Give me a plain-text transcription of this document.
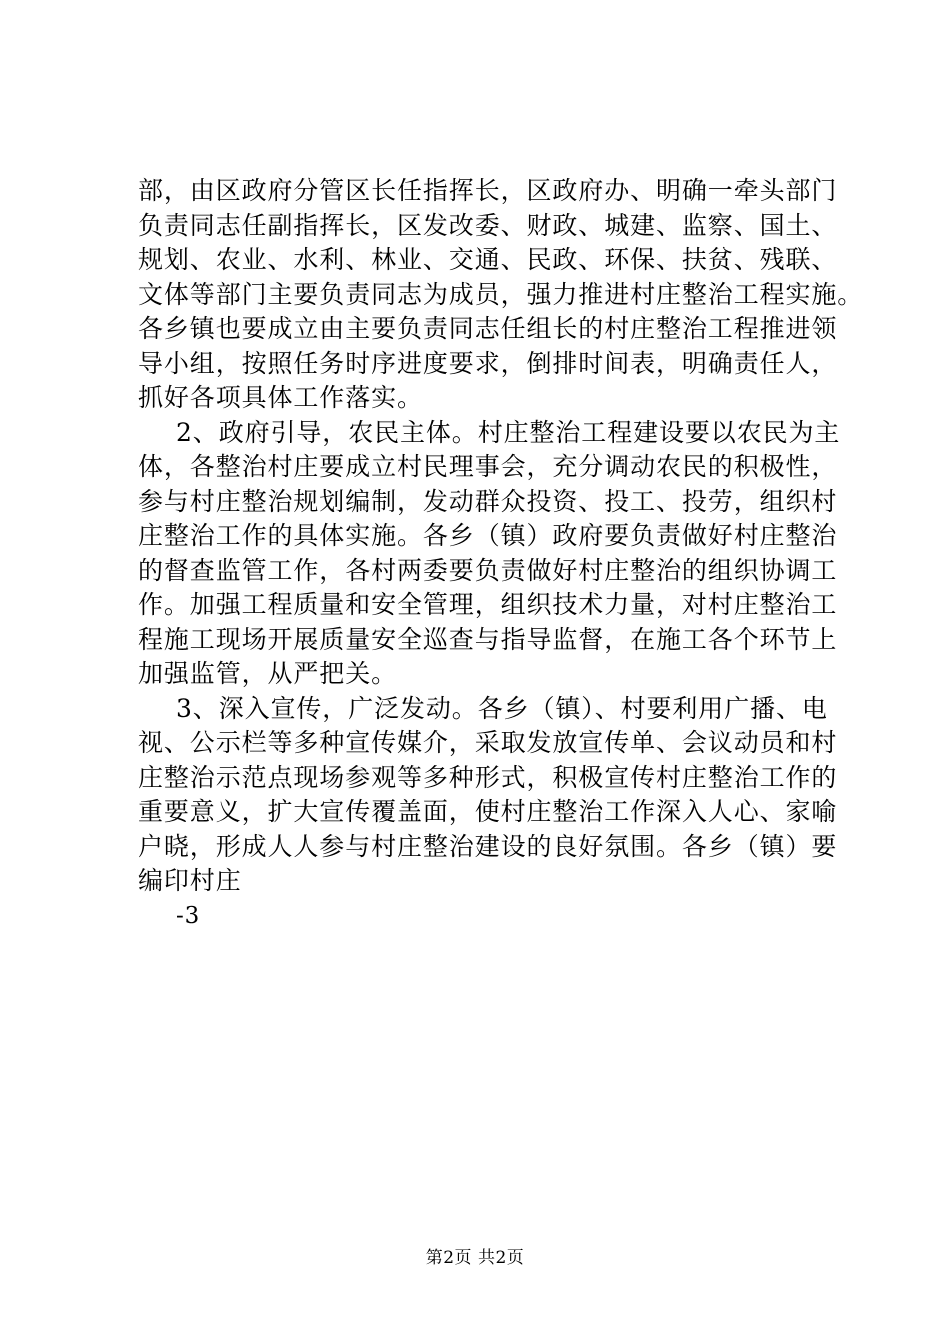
部，由区政府分管区长任指挥长，区政府办、明确一牵头部门
负责同志任副指挥长，区发改委、财政、城建、监察、国土、
规划、农业、水利、林业、交通、民政、环保、扶贫、残联、
文体等部门主要负责同志为成员，强力推进村庄整治工程实施。
各乡镇也要成立由主要负责同志任组长的村庄整治工程推进领
导小组，按照任务时序进度要求，倒排时间表，明确责任人，
抓好各项具体工作落实。
2、政府引导，农民主体。村庄整治工程建设要以农民为主
体，各整治村庄要成立村民理事会，充分调动农民的积极性，
参与村庄整治规划编制，发动群众投资、投工、投劳，组织村
庄整治工作的具体实施。各乡（镇）政府要负责做好村庄整治
的督查监管工作，各村两委要负责做好村庄整治的组织协调工
作。加强工程质量和安全管理，组织技术力量，对村庄整治工
程施工现场开展质量安全巡查与指导监督，在施工各个环节上
加强监管，从严把关。
3、深入宣传，广泛发动。各乡（镇）、村要利用广播、电
视、公示栏等多种宣传媒介，采取发放宣传单、会议动员和村
庄整治示范点现场参观等多种形式，积极宣传村庄整治工作的
重要意义，扩大宣传覆盖面，使村庄整治工作深入人心、家喻
户晓，形成人人参与村庄整治建设的良好氛围。各乡（镇）要
编印村庄
-3
第2页 共2页
